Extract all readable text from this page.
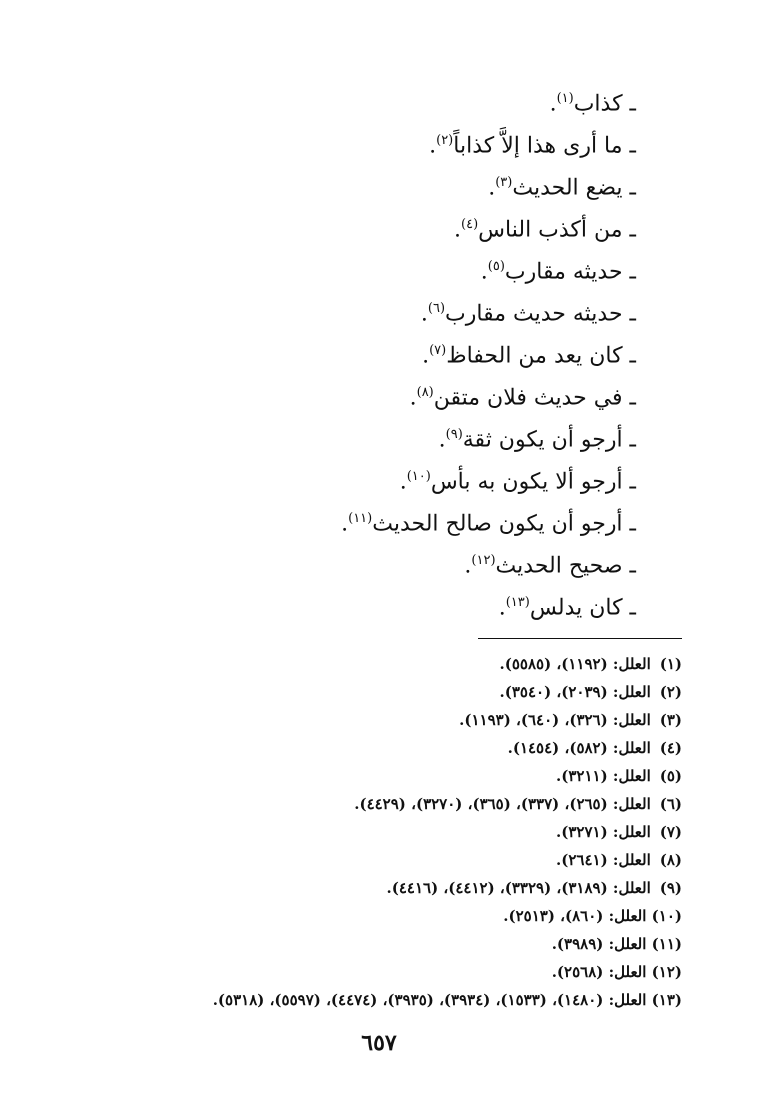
ـ كذاب$^{(١)}$.
ـ ما أرى هذا إلاَّ كذاباً$^{(٢)}$.
ـ يضع الحديث$^{(٣)}$.
ـ من أكذب الناس$^{(٤)}$.
ـ حديثه مقارب$^{(٥)}$.
ـ حديثه حديث مقارب$^{(٦)}$.
ـ كان يعد من الحفاظ$^{(٧)}$.
ـ في حديث فلان متقن$^{(٨)}$.
ـ أرجو أن يكون ثقة$^{(٩)}$.
ـ أرجو ألا يكون به بأس$^{(١٠)}$.
ـ أرجو أن يكون صالح الحديث$^{(١١)}$.
ـ صحيح الحديث$^{(١٢)}$.
ـ كان يدلس$^{(١٣)}$.
(١) العلل: (١١٩٢)، (٥٥٨٥).
(٢) العلل: (٢٠٣٩)، (٣٥٤٠).
(٣) العلل: (٣٢٦)، (٦٤٠)، (١١٩٣).
(٤) العلل: (٥٨٢)، (١٤٥٤).
(٥) العلل: (٣٢١١).
(٦) العلل: (٢٦٥)، (٣٣٧)، (٣٦٥)، (٣٢٧٠)، (٤٤٢٩).
(٧) العلل: (٣٢٧١).
(٨) العلل: (٢٦٤١).
(٩) العلل: (٣١٨٩)، (٣٣٢٩)، (٤٤١٢)، (٤٤١٦).
(١٠) العلل: (٨٦٠)، (٢٥١٣).
(١١) العلل: (٣٩٨٩).
(١٢) العلل: (٢٥٦٨).
(١٣) العلل: (١٤٨٠)، (١٥٣٣)، (٣٩٣٤)، (٣٩٣٥)، (٤٤٧٤)، (٥٥٩٧)، (٥٣١٨).
٦٥٧
